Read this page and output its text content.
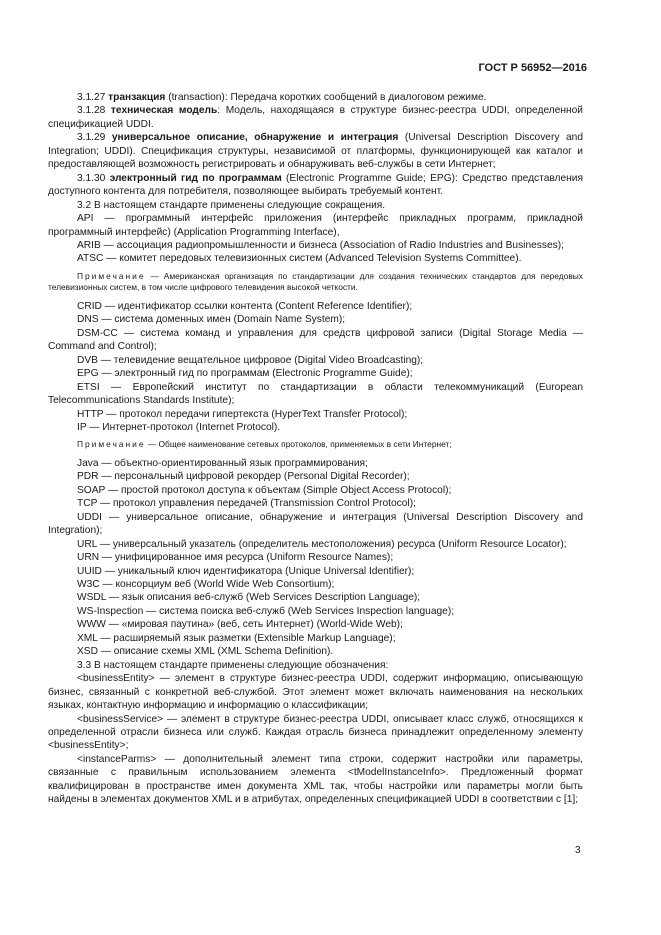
ГОСТ Р 56952—2016

3.1.27 транзакция (transaction): Передача коротких сообщений в диалоговом режиме.

3.1.28 техническая модель: Модель, находящаяся в структуре бизнес-реестра UDDI, определенной спецификацией UDDI.

3.1.29 универсальное описание, обнаружение и интеграция (Universal Description Discovery and Integration; UDDI). Спецификация структуры, независимой от платформы, функционирующей как каталог и предоставляющей возможность регистрировать и обнаруживать веб-службы в сети Интернет;

3.1.30 электронный гид по программам (Electronic Programme Guide; EPG): Средство представления доступного контента для потребителя, позволяющее выбирать требуемый контент.

3.2 В настоящем стандарте применены следующие сокращения.

API — программный интерфейс приложения (интерфейс прикладных программ, прикладной программный интерфейс) (Application Programming Interface),

ARIB — ассоциация радиопромышленности и бизнеса (Association of Radio Industries and Businesses);

ATSC — комитет передовых телевизионных систем (Advanced Television Systems Committee).

Примечание — Американская организация по стандартизации для создания технических стандартов для передовых телевизионных систем, в том числе цифрового телевидения высокой четкости.

CRID — идентификатор ссылки контента (Content Reference Identifier);

DNS — система доменных имен (Domain Name System);

DSM-CC — система команд и управления для средств цифровой записи (Digital Storage Media — Command and Control);

DVB — телевидение вещательное цифровое (Digital Video Broadcasting);

EPG — электронный гид по программам (Electronic Programme Guide);

ETSI — Европейский институт по стандартизации в области телекоммуникаций (European Telecommunications Standards Institute);

HTTP — протокол передачи гипертекста (HyperText Transfer Protocol);

IP — Интернет-протокол (Internet Protocol).

Примечание — Общее наименование сетевых протоколов, применяемых в сети Интернет;

Java — объектно-ориентированный язык программирования;

PDR — персональный цифровой рекордер (Personal Digital Recorder);

SOAP — простой протокол доступа к объектам (Simple Object Access Protocol);

TCP — протокол управления передачей (Transmission Control Protocol);

UDDI — универсальное описание, обнаружение и интеграция (Universal Description Discovery and Integration);

URL — универсальный указатель (определитель местоположения) ресурса (Uniform Resource Locator);

URN — унифицированное имя ресурса (Uniform Resource Names);

UUID — уникальный ключ идентификатора (Unique Universal Identifier);

W3C — консорциум веб (World Wide Web Consortium);

WSDL — язык описания веб-служб (Web Services Description Language);

WS-Inspection — система поиска веб-служб (Web Services Inspection language);

WWW — «мировая паутина» (веб, сеть Интернет) (World-Wide Web);

XML — расширяемый язык разметки (Extensible Markup Language);

XSD — описание схемы XML (XML Schema Definition).

3.3 В настоящем стандарте применены следующие обозначения:

<businessEntity> — элемент в структуре бизнес-реестра UDDI, содержит информацию, описывающую бизнес, связанный с конкретной веб-службой. Этот элемент может включать наименования на нескольких языках, контактную информацию и информацию о классификации;

<businessService> — элемент в структуре бизнес-реестра UDDI, описывает класс служб, относящихся к определенной отрасли бизнеса или служб. Каждая отрасль бизнеса принадлежит определенному элементу <businessEntity>;

<instanceParms> — дополнительный элемент типа строки, содержит настройки или параметры, связанные с правильным использованием элемента <tModelInstanceInfo>. Предложенный формат квалифицирован в пространстве имен документа XML так, чтобы настройки или параметры могли быть найдены в элементах документов XML и в атрибутах, определенных спецификацией UDDI в соответствии с [1];

3
